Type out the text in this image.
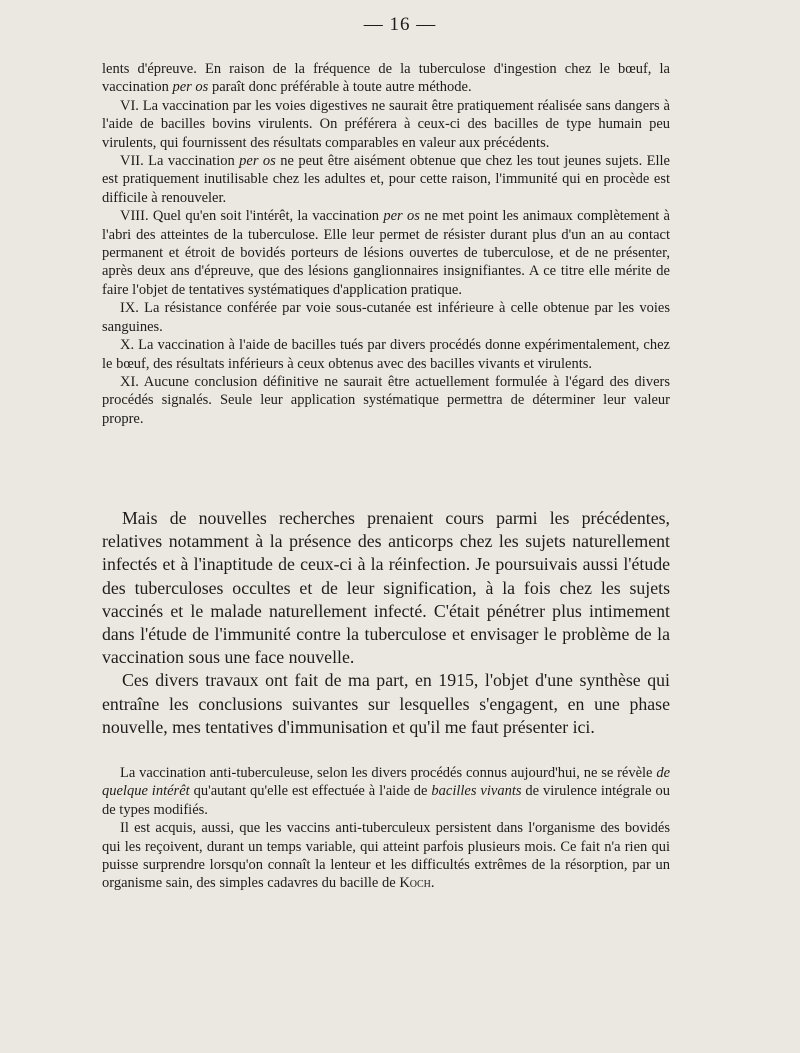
— 16 —

lents d'épreuve. En raison de la fréquence de la tuberculose d'ingestion chez le bœuf, la vaccination per os paraît donc préférable à toute autre méthode.

VI. La vaccination par les voies digestives ne saurait être pratiquement réalisée sans dangers à l'aide de bacilles bovins virulents. On préférera à ceux-ci des bacilles de type humain peu virulents, qui fournissent des résultats comparables en valeur aux précédents.

VII. La vaccination per os ne peut être aisément obtenue que chez les tout jeunes sujets. Elle est pratiquement inutilisable chez les adultes et, pour cette raison, l'immunité qui en procède est difficile à renouveler.

VIII. Quel qu'en soit l'intérêt, la vaccination per os ne met point les animaux complètement à l'abri des atteintes de la tuberculose. Elle leur permet de résister durant plus d'un an au contact permanent et étroit de bovidés porteurs de lésions ouvertes de tuberculose, et de ne présenter, après deux ans d'épreuve, que des lésions ganglionnaires insignifiantes. A ce titre elle mérite de faire l'objet de tentatives systématiques d'application pratique.

IX. La résistance conférée par voie sous-cutanée est inférieure à celle obtenue par les voies sanguines.

X. La vaccination à l'aide de bacilles tués par divers procédés donne expérimentalement, chez le bœuf, des résultats inférieurs à ceux obtenus avec des bacilles vivants et virulents.

XI. Aucune conclusion définitive ne saurait être actuellement formulée à l'égard des divers procédés signalés. Seule leur application systématique permettra de déterminer leur valeur propre.

Mais de nouvelles recherches prenaient cours parmi les précédentes, relatives notamment à la présence des anticorps chez les sujets naturellement infectés et à l'inaptitude de ceux-ci à la réinfection. Je poursuivais aussi l'étude des tuberculoses occultes et de leur signification, à la fois chez les sujets vaccinés et le malade naturellement infecté. C'était pénétrer plus intimement dans l'étude de l'immunité contre la tuberculose et envisager le problème de la vaccination sous une face nouvelle.

Ces divers travaux ont fait de ma part, en 1915, l'objet d'une synthèse qui entraîne les conclusions suivantes sur lesquelles s'engagent, en une phase nouvelle, mes tentatives d'immunisation et qu'il me faut présenter ici.

La vaccination anti-tuberculeuse, selon les divers procédés connus aujourd'hui, ne se révèle de quelque intérêt qu'autant qu'elle est effectuée à l'aide de bacilles vivants de virulence intégrale ou de types modifiés.

Il est acquis, aussi, que les vaccins anti-tuberculeux persistent dans l'organisme des bovidés qui les reçoivent, durant un temps variable, qui atteint parfois plusieurs mois. Ce fait n'a rien qui puisse surprendre lorsqu'on connaît la lenteur et les difficultés extrêmes de la résorption, par un organisme sain, des simples cadavres du bacille de Koch.
